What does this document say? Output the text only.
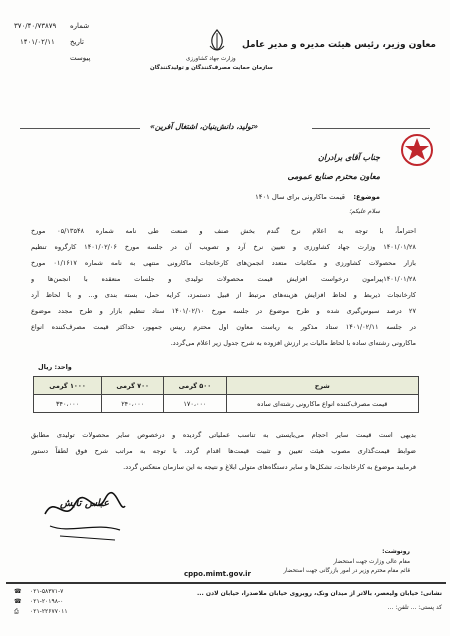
معاون وزیر، رئیس هیئت مدیره و مدیر عامل
وزارت جهاد کشاورزی
سازمان حمایت مصرف‌کنندگان و تولیدکنندگان
شماره
۳۷۰/۴۰/۷۳۸۷۹
تاریخ
۱۴۰۱/۰۲/۱۱
پیوست
«تولید، دانش‌بنیان، اشتغال آفرین»
جناب آقای برادران
معاون محترم صنایع عمومی
موضوع:
قیمت ماکارونی برای سال ۱۴۰۱
سلام علیکم؛
احتراماً، با توجه به اعلام نرخ گندم بخش صنف و صنعت طی نامه شماره ۰۵/۱۳۵۴۸ مورخ
۱۴۰۱/۰۱/۲۸ وزارت جهاد کشاورزی و تعیین نرخ آرد و تصویب آن در جلسه مورخ ۱۴۰۱/۰۲/۰۶ کارگروه تنظیم
بازار محصولات کشاورزی و مکاتبات متعدد انجمن‌های کارخانجات ماکارونی منتهی به نامه شماره ۰۱/۱۶۱۷ مورخ
۱۴۰۱/۰۱/۲۸پیرامون درخواست افزایش قیمت محصولات تولیدی و جلسات منعقده با انجمن‌ها و
کارخانجات ذیربط و لحاظ افزایش هزینه‌های مرتبط از قبیل دستمزد، کرایه حمل، بسته بندی و... و با لحاظ آرد
۲۷ درصد سبوس‌گیری شده و طرح موضوع در جلسه مورخ ۱۴۰۱/۰۲/۱۰ ستاد تنظیم بازار و طرح مجدد موضوع
در جلسه ۱۴۰۱/۰۲/۱۱ ستاد مذکور به ریاست معاون اول محترم رییس جمهور، حداکثر قیمت مصرف‌کننده انواع
ماکارونی رشته‌ای ساده با لحاظ مالیات بر ارزش افزوده به شرح جدول زیر اعلام می‌گردد.
واحد: ریال
شرح	۵۰۰ گرمی	۷۰۰ گرمی	۱۰۰۰ گرمی
قیمت مصرف‌کننده انواع ماکارونی رشته‌ای ساده	۱۷۰،۰۰۰	۲۴۰،۰۰۰	۳۴۰،۰۰۰
بدیهی است قیمت سایر احجام می‌بایستی به تناسب عملیاتی گردیده و درخصوص سایر محصولات تولیدی مطابق
ضوابط قیمت‌گذاری مصوب هیئت تعیین و تثبیت قیمت‌ها اقدام گردد. با توجه به مراتب شرح فوق لطفاً دستور
فرمایید موضوع به کارخانجات، تشکل‌ها و سایر دستگاه‌های متولی ابلاغ و نتیجه به این سازمان منعکس گردد.
عباس تابش
رونوشت:
مقام عالی وزارت جهت استحضار
قائم مقام محترم وزیر در امور بازرگانی جهت استحضار
cppo.mimt.gov.ir
نشانی: خیابان ولیعصر، بالاتر از میدان ونک، روبروی خیابان ملاصدرا، خیابان لادن ...
کد پستی: ... تلفن: ...
۰۲۱-۵۸۳۷۱-۷
۰۲۱-۲۰۱۹۸-۰
۰۲۱-۲۲۶۷۷۰۱۱
☎
☎
⎙
